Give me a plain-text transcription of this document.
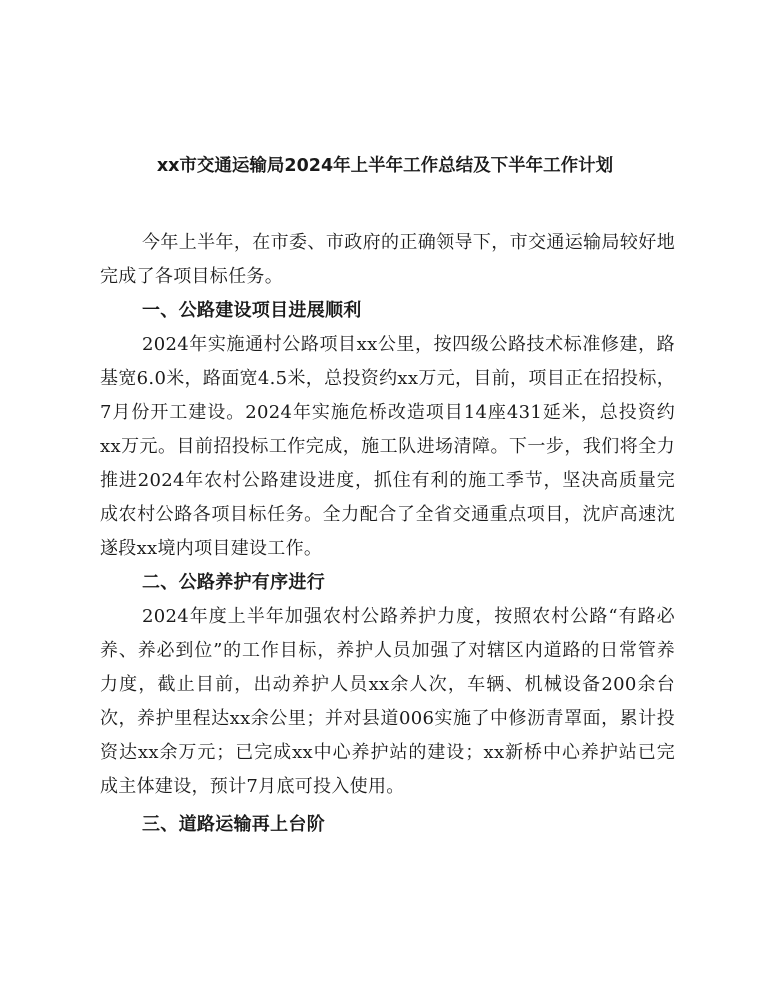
xx市交通运输局2024年上半年工作总结及下半年工作计划

今年上半年，在市委、市政府的正确领导下，市交通运输局较好地完成了各项目标任务。

一、公路建设项目进展顺利

2024年实施通村公路项目xx公里，按四级公路技术标准修建，路基宽6.0米，路面宽4.5米，总投资约xx万元，目前，项目正在招投标，7月份开工建设。2024年实施危桥改造项目14座431延米，总投资约xx万元。目前招投标工作完成，施工队进场清障。下一步，我们将全力推进2024年农村公路建设进度，抓住有利的施工季节，坚决高质量完成农村公路各项目标任务。全力配合了全省交通重点项目，沈庐高速沈遂段xx境内项目建设工作。

二、公路养护有序进行

2024年度上半年加强农村公路养护力度，按照农村公路“有路必养、养必到位”的工作目标，养护人员加强了对辖区内道路的日常管养力度，截止目前，出动养护人员xx余人次，车辆、机械设备200余台次，养护里程达xx余公里；并对县道006实施了中修沥青罩面，累计投资达xx余万元；已完成xx中心养护站的建设；xx新桥中心养护站已完成主体建设，预计7月底可投入使用。

三、道路运输再上台阶
